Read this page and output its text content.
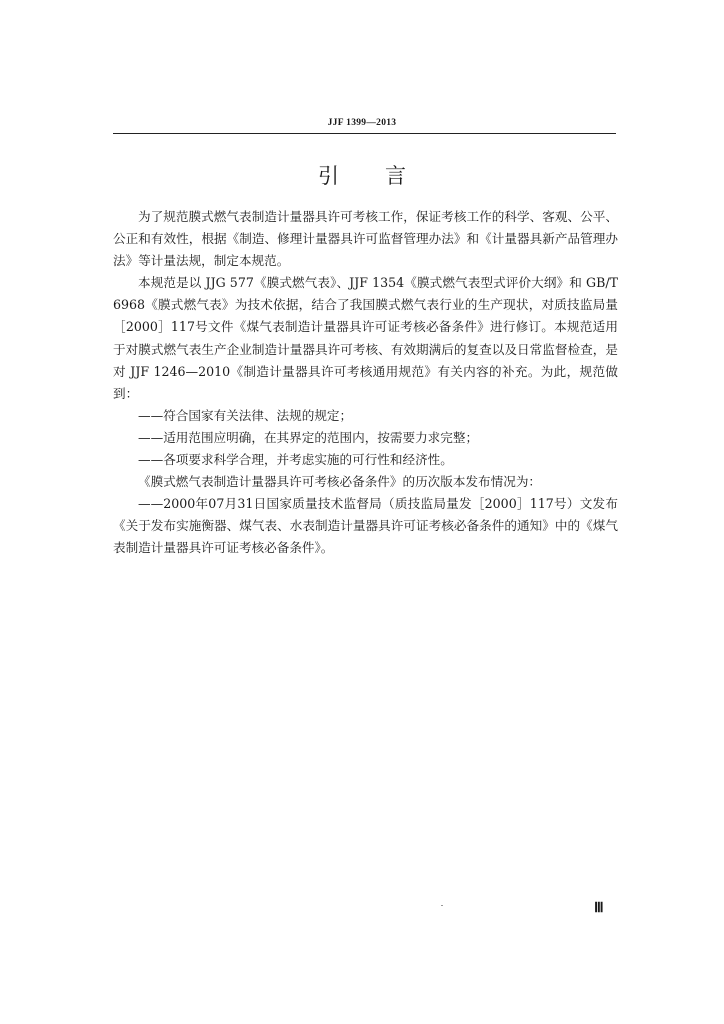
JJF 1399—2013
引言

为了规范膜式燃气表制造计量器具许可考核工作，保证考核工作的科学、客观、公平、公正和有效性，根据《制造、修理计量器具许可监督管理办法》和《计量器具新产品管理办法》等计量法规，制定本规范。

本规范是以 JJG 577《膜式燃气表》、JJF 1354《膜式燃气表型式评价大纲》和 GB/T 6968《膜式燃气表》为技术依据，结合了我国膜式燃气表行业的生产现状，对质技监局量［2000］117号文件《煤气表制造计量器具许可证考核必备条件》进行修订。本规范适用于对膜式燃气表生产企业制造计量器具许可考核、有效期满后的复查以及日常监督检查，是对 JJF 1246—2010《制造计量器具许可考核通用规范》有关内容的补充。为此，规范做到：

——符合国家有关法律、法规的规定；

——适用范围应明确，在其界定的范围内，按需要力求完整；

——各项要求科学合理，并考虑实施的可行性和经济性。

《膜式燃气表制造计量器具许可考核必备条件》的历次版本发布情况为：

——2000年07月31日国家质量技术监督局（质技监局量发［2000］117号）文发布《关于发布实施衡器、煤气表、水表制造计量器具许可证考核必备条件的通知》中的《煤气表制造计量器具许可证考核必备条件》。

Ⅲ
